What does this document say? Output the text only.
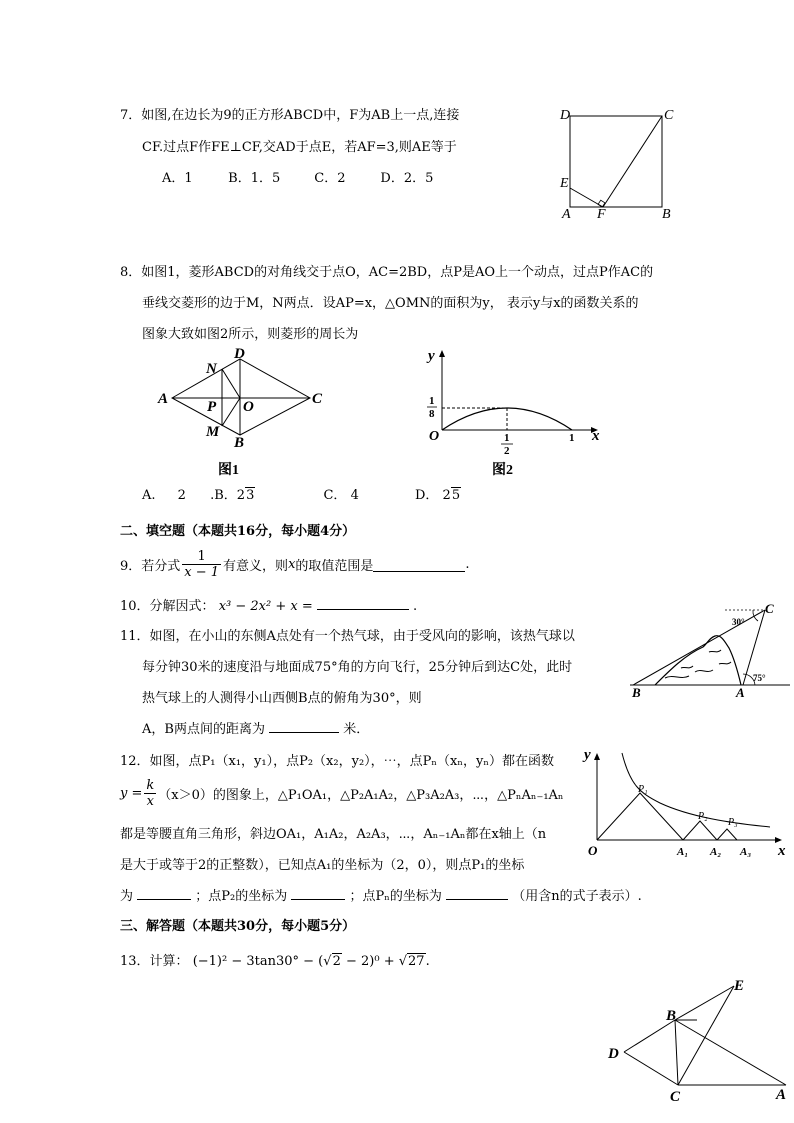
7．如图,在边长为9的正方形ABCD中，F为AB上一点,连接
CF.过点F作FE⊥CF,交AD于点E，若AF=3,则AE等于
A．1	B．1．5	C．2	D．2．5
D	C
E
A F	B
8．如图1，菱形ABCD的对角线交于点O，AC=2BD，点P是AO上一个动点，过点P作AC的
垂线交菱形的边于M，N两点．设AP=x，△OMN的面积为y， 表示y与x的函数关系的
图象大致如图2所示，则菱形的周长为
N
D
A	P O	C
M
B
图1
y
x
O
1
8
1
2
1
图2
A. 2 .B．23	C． 4	D． 25
二、填空题（本题共16分，每小题4分）
9．若分式 $\frac{1}{x - 1}$ 有意义，则 x 的取值范围是	.
10．分解因式： x³ − 2x² + x =	.
11．如图，在小山的东侧A点处有一个热气球，由于受风向的影响，该热气球以
每分钟30米的速度沿与地面成75°角的方向飞行，25分钟后到达C处，此时
热气球上的人测得小山西侧B点的俯角为30°，则
A，B两点间的距离为	米．
C
30°
B	A
75°
12．如图，点P₁（x₁，y₁），点P₂（x₂，y₂），⋯，点Pₙ（xₙ，yₙ）都在函数
$y = \frac{k}{x} (x>0)$的图象上，△P₁OA₁，△P₂A₁A₂，△P₃A₂A₃，⋯，△PₙAₙ₋₁Aₙ
都是等腰直角三角形，斜边OA₁，A₁A₂，A₂A₃，⋯，Aₙ₋₁Aₙ都在x轴上（n
是大于或等于2的正整数），已知点A₁的坐标为（2，0），则点P₁的坐标
为	；点P₂的坐标为	；点Pₙ的坐标为	（用含n的式子表示）.
y
x
O
P₁
P₂
P₃
A₁ A₂ A₃
三、解答题（本题共30分，每小题5分）
13．计算： (−1)² − 3tan30° − (√2 − 2)⁰ + √27.
E
B
D
C	A
